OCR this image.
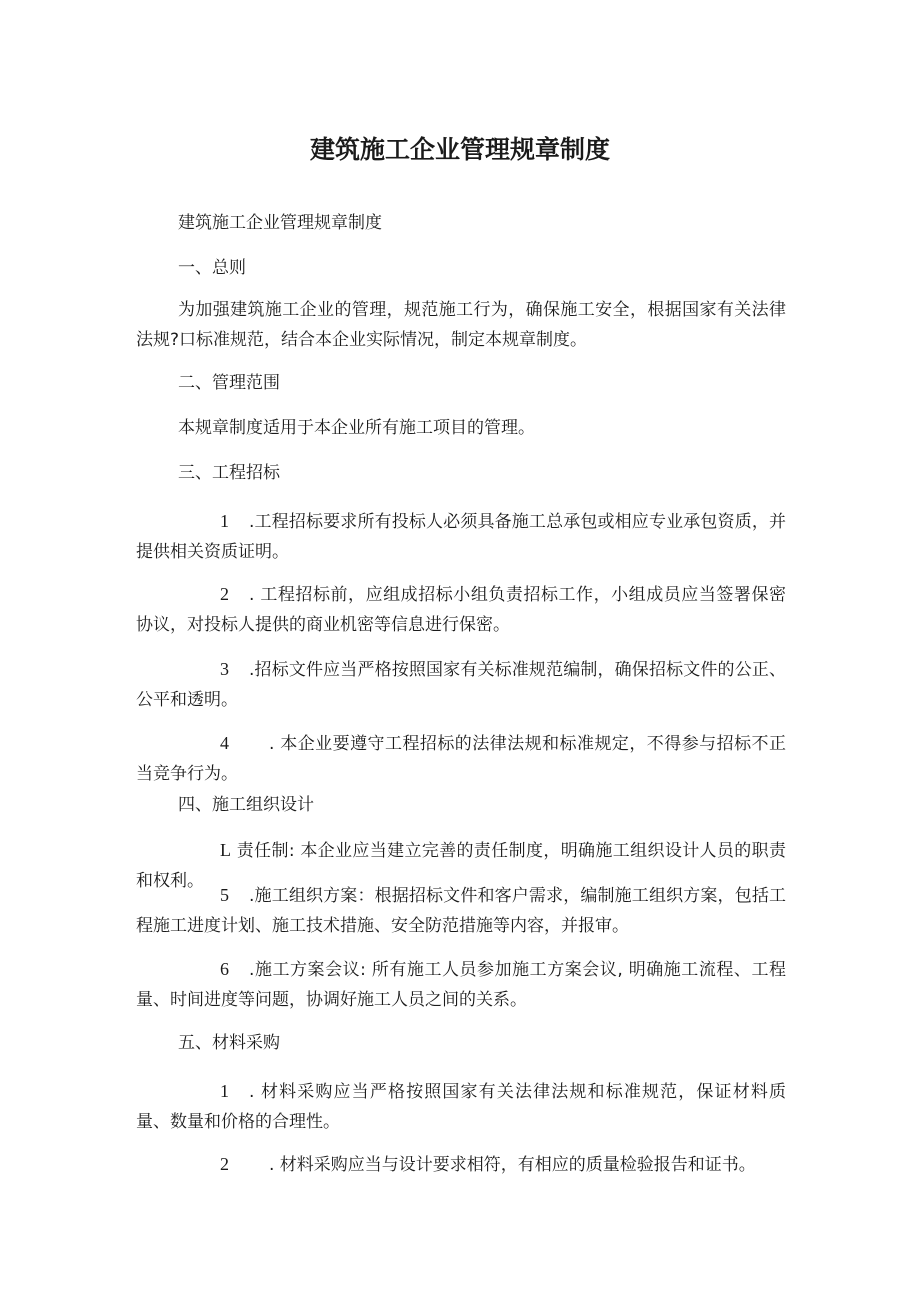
建筑施工企业管理规章制度

建筑施工企业管理规章制度

一、总则

为加强建筑施工企业的管理，规范施工行为，确保施工安全，根据国家有关法律法规?口标准规范，结合本企业实际情况，制定本规章制度。

二、管理范围

本规章制度适用于本企业所有施工项目的管理。

三、工程招标

1 .工程招标要求所有投标人必须具备施工总承包或相应专业承包资质，并提供相关资质证明。

2 . 工程招标前，应组成招标小组负责招标工作，小组成员应当签署保密协议，对投标人提供的商业机密等信息进行保密。

3 .招标文件应当严格按照国家有关标准规范编制，确保招标文件的公正、公平和透明。

4 . 本企业要遵守工程招标的法律法规和标准规定，不得参与招标不正当竞争行为。

四、施工组织设计

L 责任制: 本企业应当建立完善的责任制度，明确施工组织设计人员的职责和权利。

5 .施工组织方案：根据招标文件和客户需求，编制施工组织方案，包括工程施工进度计划、施工技术措施、安全防范措施等内容，并报审。

6 .施工方案会议: 所有施工人员参加施工方案会议, 明确施工流程、工程量、时间进度等问题，协调好施工人员之间的关系。

五、材料采购

1 . 材料采购应当严格按照国家有关法律法规和标准规范，保证材料质量、数量和价格的合理性。

2 . 材料采购应当与设计要求相符，有相应的质量检验报告和证书。
